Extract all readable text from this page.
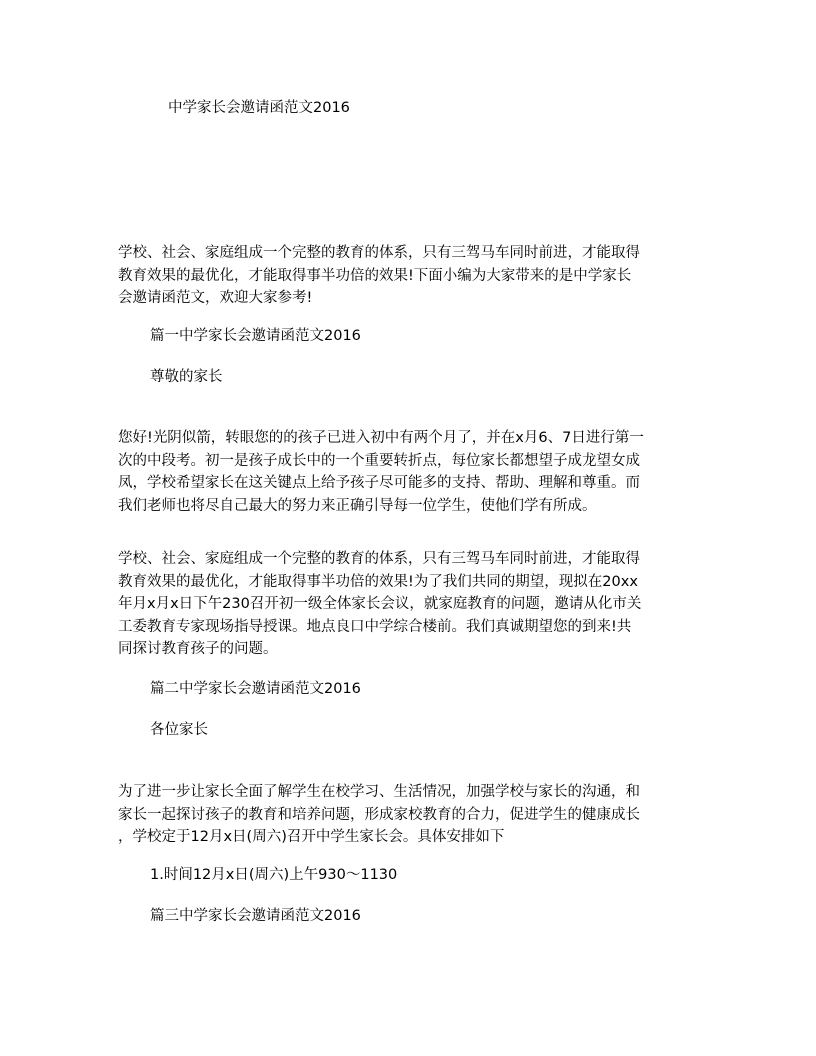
中学家长会邀请函范文2016
学校、社会、家庭组成一个完整的教育的体系，只有三驾马车同时前进，才能取得
教育效果的最优化，才能取得事半功倍的效果!下面小编为大家带来的是中学家长
会邀请函范文，欢迎大家参考!
篇一中学家长会邀请函范文2016
尊敬的家长
您好!光阴似箭，转眼您的的孩子已进入初中有两个月了，并在x月6、7日进行第一
次的中段考。初一是孩子成长中的一个重要转折点，每位家长都想望子成龙望女成
凤，学校希望家长在这关键点上给予孩子尽可能多的支持、帮助、理解和尊重。而
我们老师也将尽自己最大的努力来正确引导每一位学生，使他们学有所成。
学校、社会、家庭组成一个完整的教育的体系，只有三驾马车同时前进，才能取得
教育效果的最优化，才能取得事半功倍的效果!为了我们共同的期望，现拟在20xx
年月x月x日下午230召开初一级全体家长会议，就家庭教育的问题，邀请从化市关
工委教育专家现场指导授课。地点良口中学综合楼前。我们真诚期望您的到来!共
同探讨教育孩子的问题。
篇二中学家长会邀请函范文2016
各位家长
为了进一步让家长全面了解学生在校学习、生活情况，加强学校与家长的沟通，和
家长一起探讨孩子的教育和培养问题，形成家校教育的合力，促进学生的健康成长
，学校定于12月x日(周六)召开中学生家长会。具体安排如下
1.时间12月x日(周六)上午930～1130
篇三中学家长会邀请函范文2016
